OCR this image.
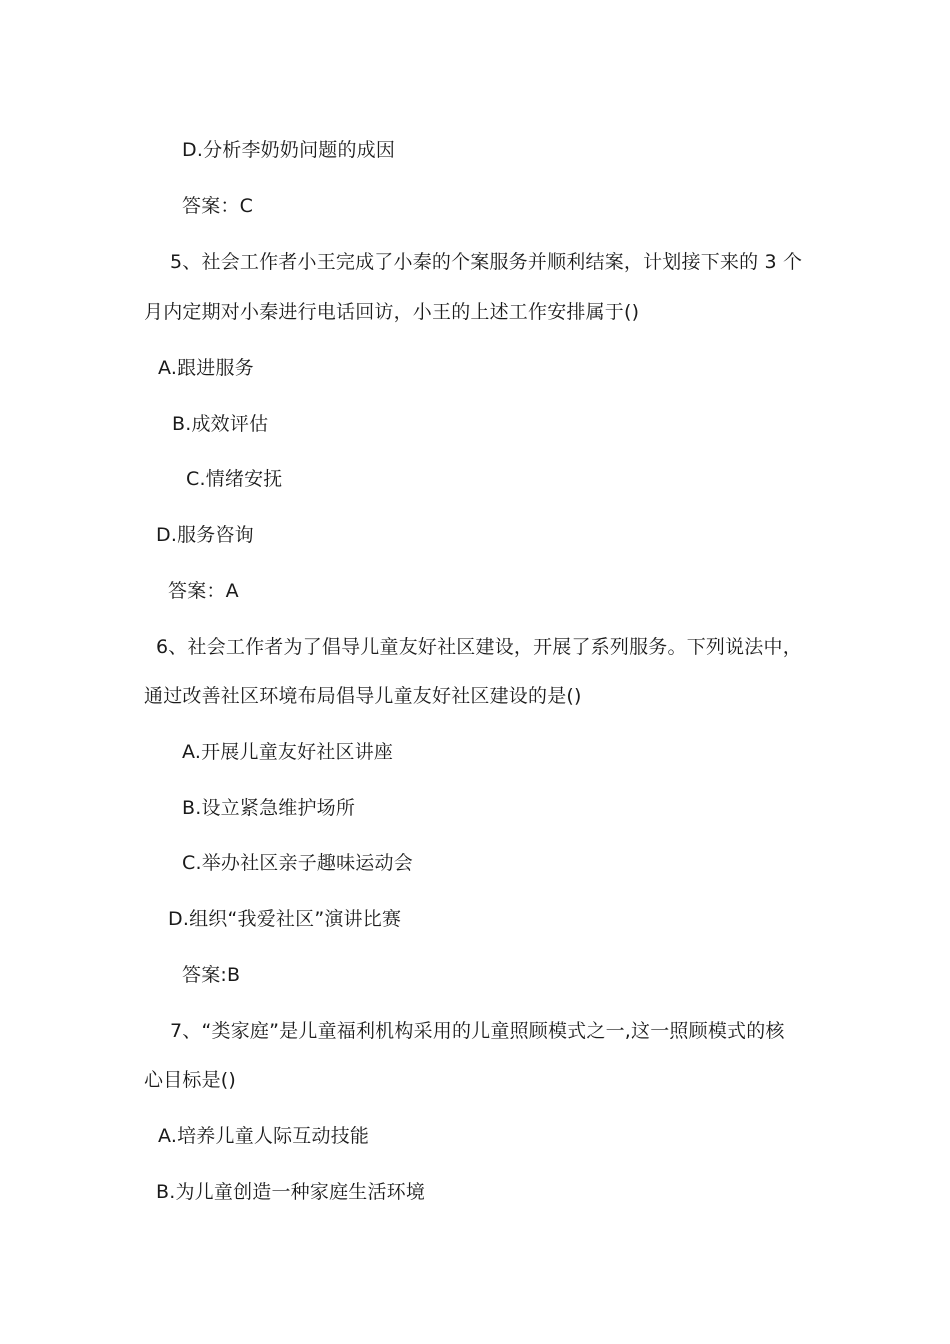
D.分析李奶奶问题的成因
答案：C
5、社会工作者小王完成了小秦的个案服务并顺利结案，计划接下来的 3 个
月内定期对小秦进行电话回访，小王的上述工作安排属于()
A.跟进服务
B.成效评估
C.情绪安抚
D.服务咨询
答案：A
6、社会工作者为了倡导儿童友好社区建设，开展了系列服务。下列说法中，
通过改善社区环境布局倡导儿童友好社区建设的是()
A.开展儿童友好社区讲座
B.设立紧急维护场所
C.举办社区亲子趣味运动会
D.组织“我爱社区”演讲比赛
答案:B
7、“类家庭”是儿童福利机构采用的儿童照顾模式之一,这一照顾模式的核
心目标是()
A.培养儿童人际互动技能
B.为儿童创造一种家庭生活环境
